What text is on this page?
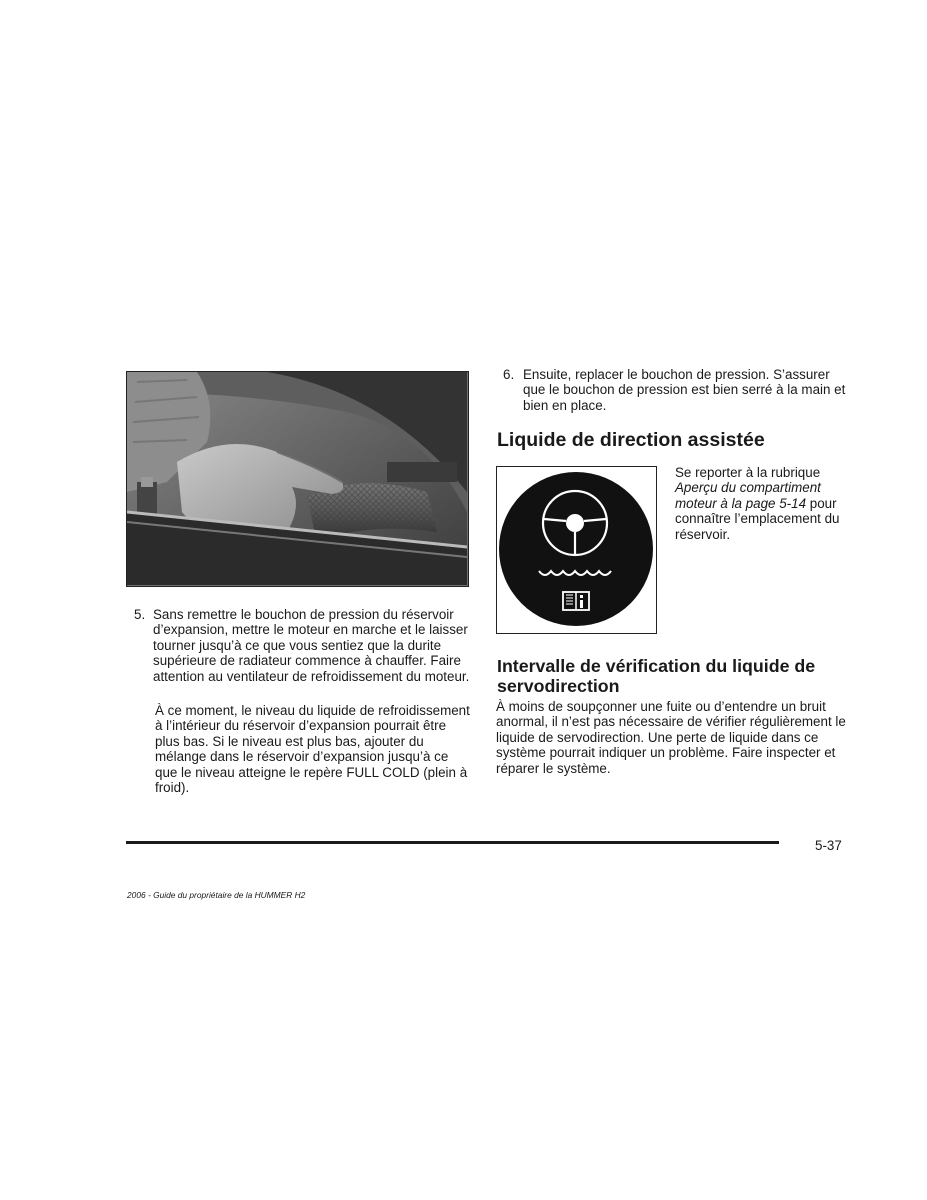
5. Sans remettre le bouchon de pression du réservoir d’expansion, mettre le moteur en marche et le laisser tourner jusqu’à ce que vous sentiez que la durite supérieure de radiateur commence à chauffer. Faire attention au ventilateur de refroidissement du moteur.
À ce moment, le niveau du liquide de refroidissement à l’intérieur du réservoir d’expansion pourrait être plus bas. Si le niveau est plus bas, ajouter du mélange dans le réservoir d’expansion jusqu’à ce que le niveau atteigne le repère FULL COLD (plein à froid).
6. Ensuite, replacer le bouchon de pression. S’assurer que le bouchon de pression est bien serré à la main et bien en place.
Liquide de direction assistée
Se reporter à la rubrique Aperçu du compartiment moteur à la page 5-14 pour connaître l’emplacement du réservoir.
Intervalle de vérification du liquide de servodirection
À moins de soupçonner une fuite ou d’entendre un bruit anormal, il n’est pas nécessaire de vérifier régulièrement le liquide de servodirection. Une perte de liquide dans ce système pourrait indiquer un problème. Faire inspecter et réparer le système.
5-37
2006 - Guide du propriétaire de la HUMMER H2
